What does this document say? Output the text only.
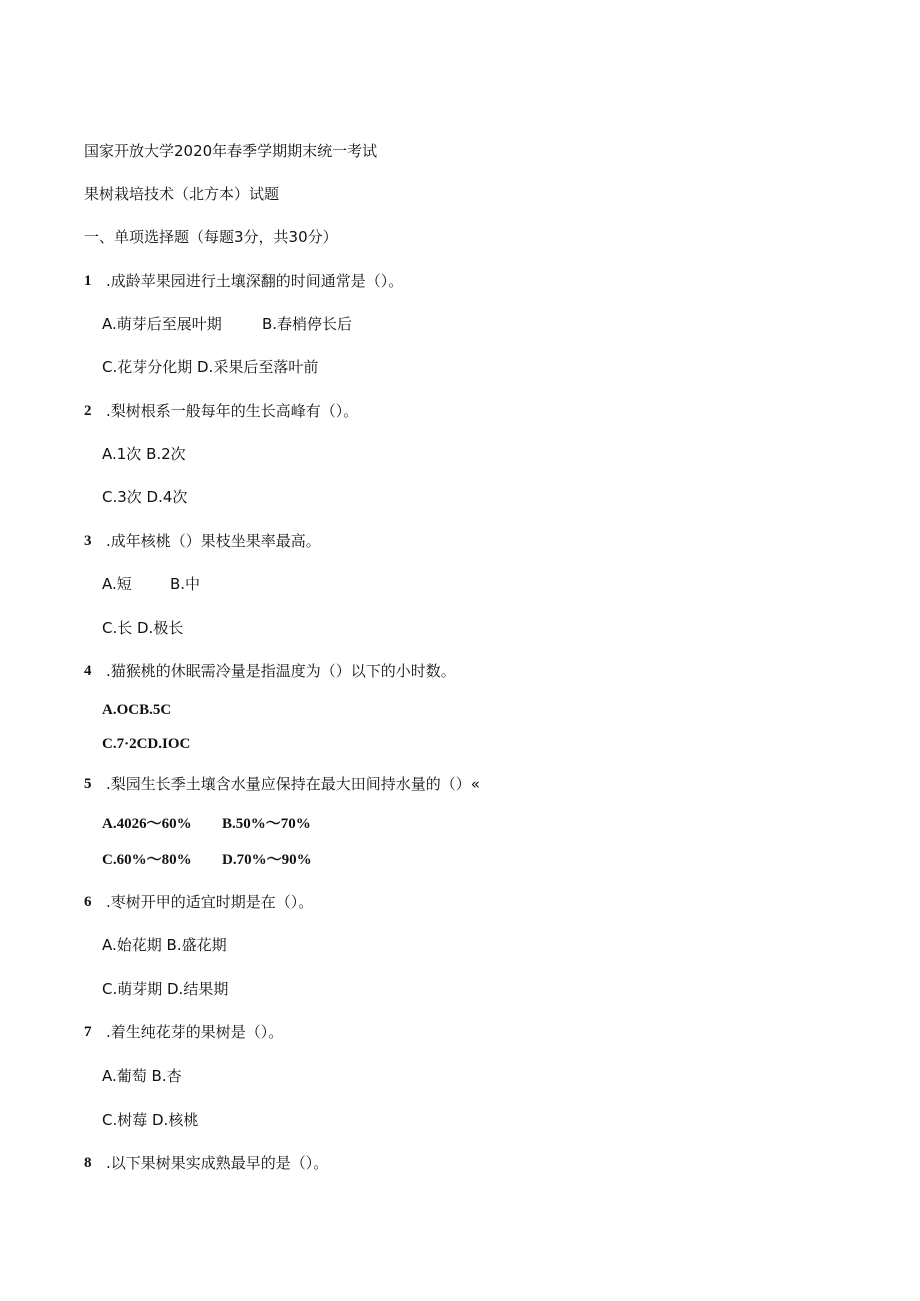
国家开放大学2020年春季学期期末统一考试
果树栽培技术（北方本）试题
一、单项选择题（每题3分，共30分）
1 .成龄苹果园进行土壤深翻的时间通常是（）。
A.萌芽后至展叶期	B.春梢停长后
C.花芽分化期 D.采果后至落叶前
2 .梨树根系一般每年的生长高峰有（）。
A.1次 B.2次
C.3次 D.4次
3 .成年核桃（）果枝坐果率最高。
A.短	B.中
C.长 D.极长
4 .猫猴桃的休眠需冷量是指温度为（）以下的小时数。
A.OCB.5C
C.7·2CD.IOC
5 .梨园生长季土壤含水量应保持在最大田间持水量的（）«
A.4026～60% B.50%～70%
C.60%～80% D.70%～90%
6 .枣树开甲的适宜时期是在（）。
A.始花期 B.盛花期
C.萌芽期 D.结果期
7 .着生纯花芽的果树是（）。
A.葡萄 B.杏
C.树莓 D.核桃
8 .以下果树果实成熟最早的是（）。
